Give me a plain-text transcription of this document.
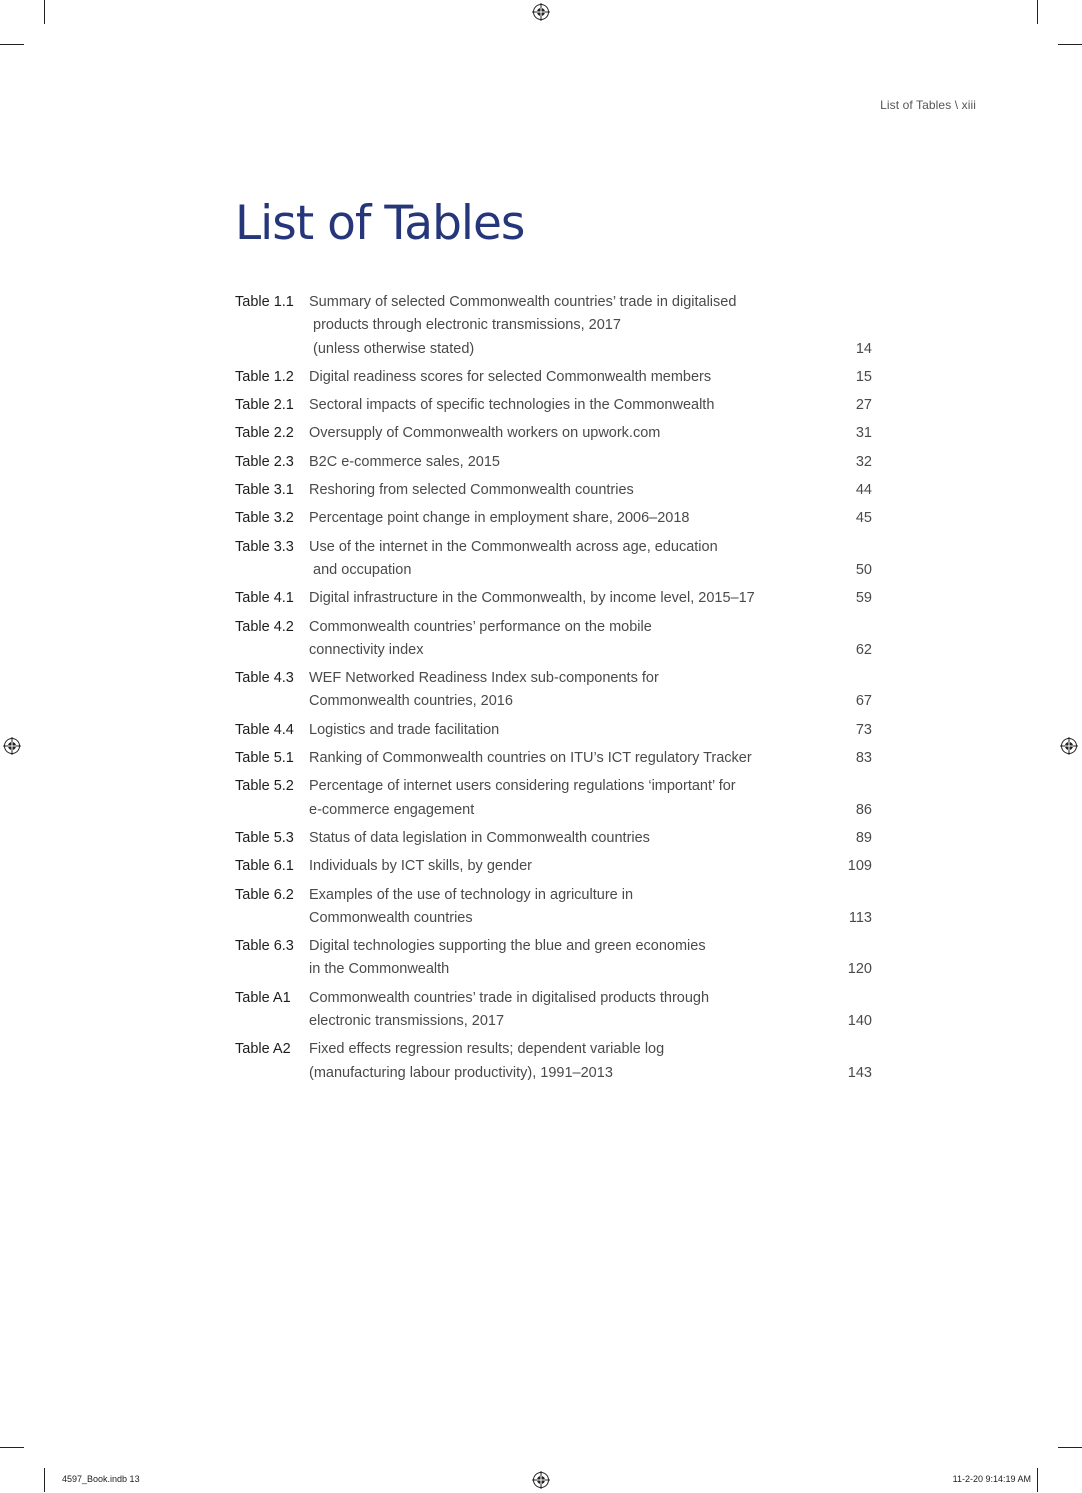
List of Tables \ xiii
List of Tables
Table 1.1	Summary of selected Commonwealth countries’ trade in digitalised
products through electronic transmissions, 2017
(unless otherwise stated)	14
Table 1.2	Digital readiness scores for selected Commonwealth members	15
Table 2.1	Sectoral impacts of specific technologies in the Commonwealth	27
Table 2.2	Oversupply of Commonwealth workers on upwork.com	31
Table 2.3	B2C e-commerce sales, 2015	32
Table 3.1	Reshoring from selected Commonwealth countries	44
Table 3.2	Percentage point change in employment share, 2006–2018	45
Table 3.3	Use of the internet in the Commonwealth across age, education
and occupation	50
Table 4.1	Digital infrastructure in the Commonwealth, by income level, 2015–17	59
Table 4.2	Commonwealth countries’ performance on the mobile
connectivity index	62
Table 4.3	WEF Networked Readiness Index sub-components for
Commonwealth countries, 2016	67
Table 4.4	Logistics and trade facilitation	73
Table 5.1	Ranking of Commonwealth countries on ITU’s ICT regulatory Tracker	83
Table 5.2	Percentage of internet users considering regulations ‘important’ for
e-commerce engagement	86
Table 5.3	Status of data legislation in Commonwealth countries	89
Table 6.1	Individuals by ICT skills, by gender	109
Table 6.2	Examples of the use of technology in agriculture in
Commonwealth countries	113
Table 6.3	Digital technologies supporting the blue and green economies
in the Commonwealth	120
Table A1	Commonwealth countries’ trade in digitalised products through
electronic transmissions, 2017	140
Table A2	Fixed effects regression results; dependent variable log
(manufacturing labour productivity), 1991–2013	143
4597_Book.indb 13	11-2-20 9:14:19 AM
